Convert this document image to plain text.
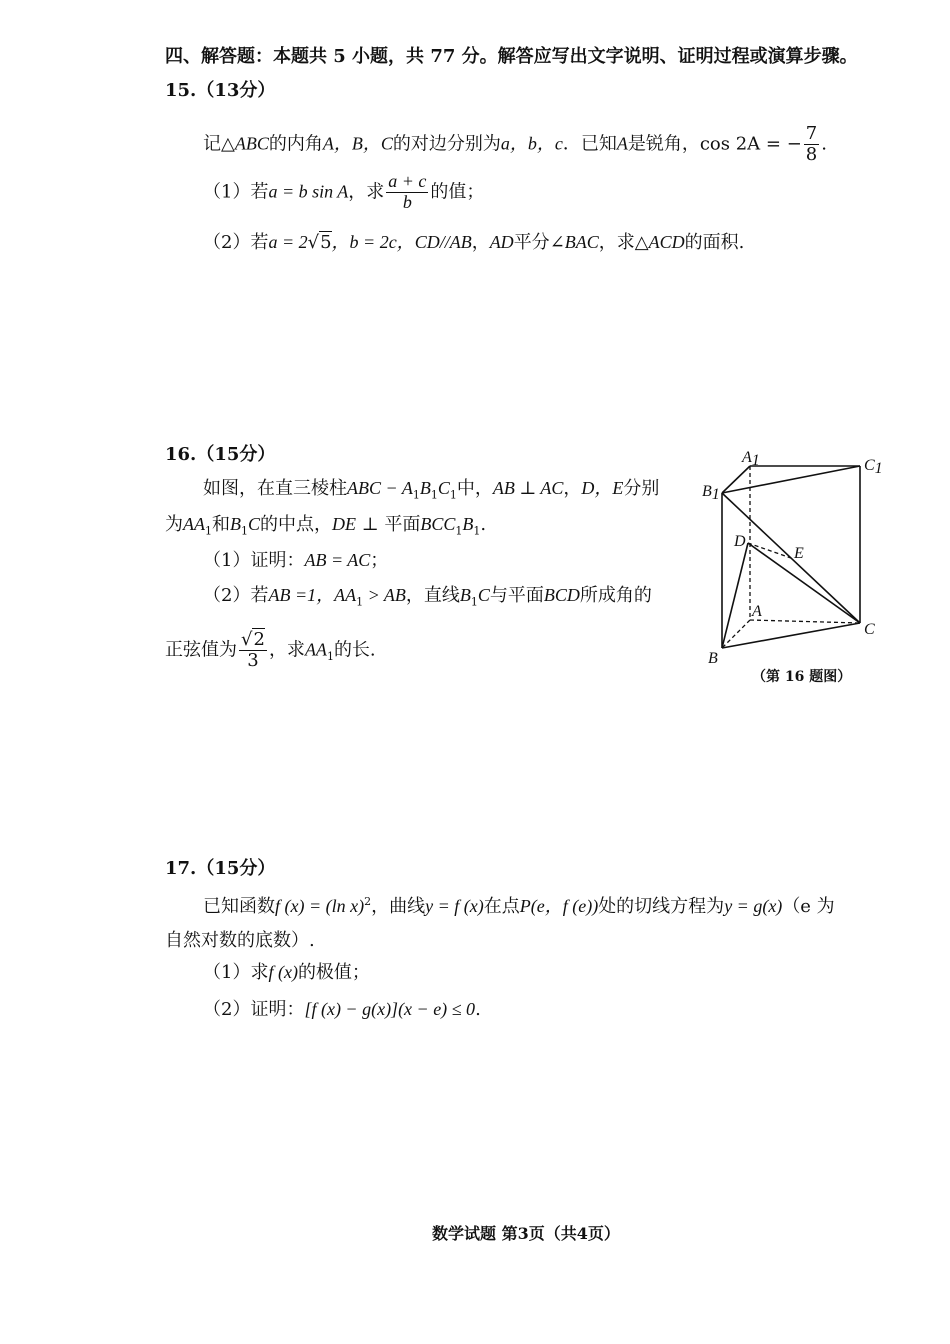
四、解答题：本题共 5 小题，共 77 分。解答应写出文字说明、证明过程或演算步骤。
15.（13分）
记△ABC的内角A，B，C的对边分别为a，b，c．已知A是锐角，cos 2A = − $\frac{7}{8}$ .
（1）若a = b sin A，求 $\frac{a + c}{b}$ 的值；
（2）若a = 2√5，b = 2c，CD//AB，AD平分∠BAC，求△ACD的面积.
16.（15分）
如图，在直三棱柱ABC − $A_1B_1C_1$中，AB ⊥ AC，D，E分别
为$AA_1$和$B_1C$的中点，DE ⊥ 平面$BCC_1B_1$.
（1）证明：AB = AC；
（2）若AB =1，$AA_1$ > AB，直线$B_1C$与平面BCD所成角的
正弦值为 $\frac{√2}{3}$ ，求$AA_1$的长.
A1	C1
B1
D
E
A
B
C
（第 16 题图）
17.（15分）
已知函数f (x) = (ln x)$^2$，曲线y = f (x)在点P(e，f (e))处的切线方程为y = g(x)（e 为
自然对数的底数）.
（1）求f (x)的极值；
（2）证明：[f (x) − g(x)](x − e) ≤ 0.
数学试题 第3页（共4页）
